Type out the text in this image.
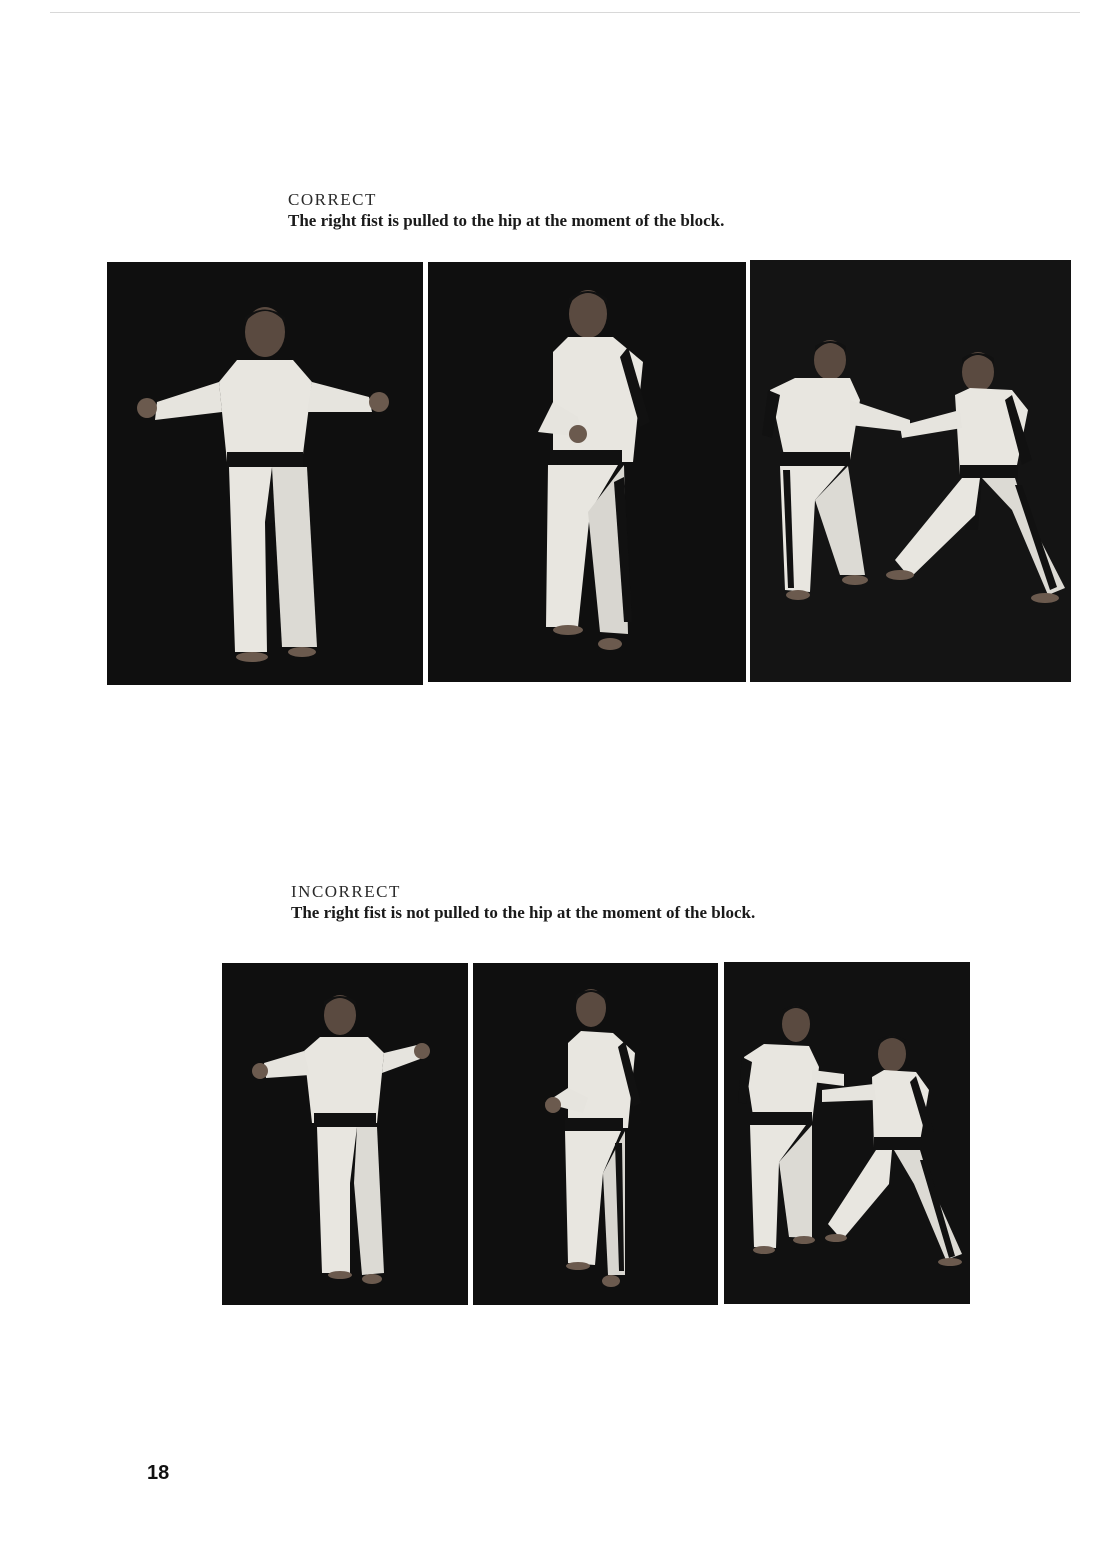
CORRECT
The right fist is pulled to the hip at the moment of the block.
INCORRECT
The right fist is not pulled to the hip at the moment of the block.
18
